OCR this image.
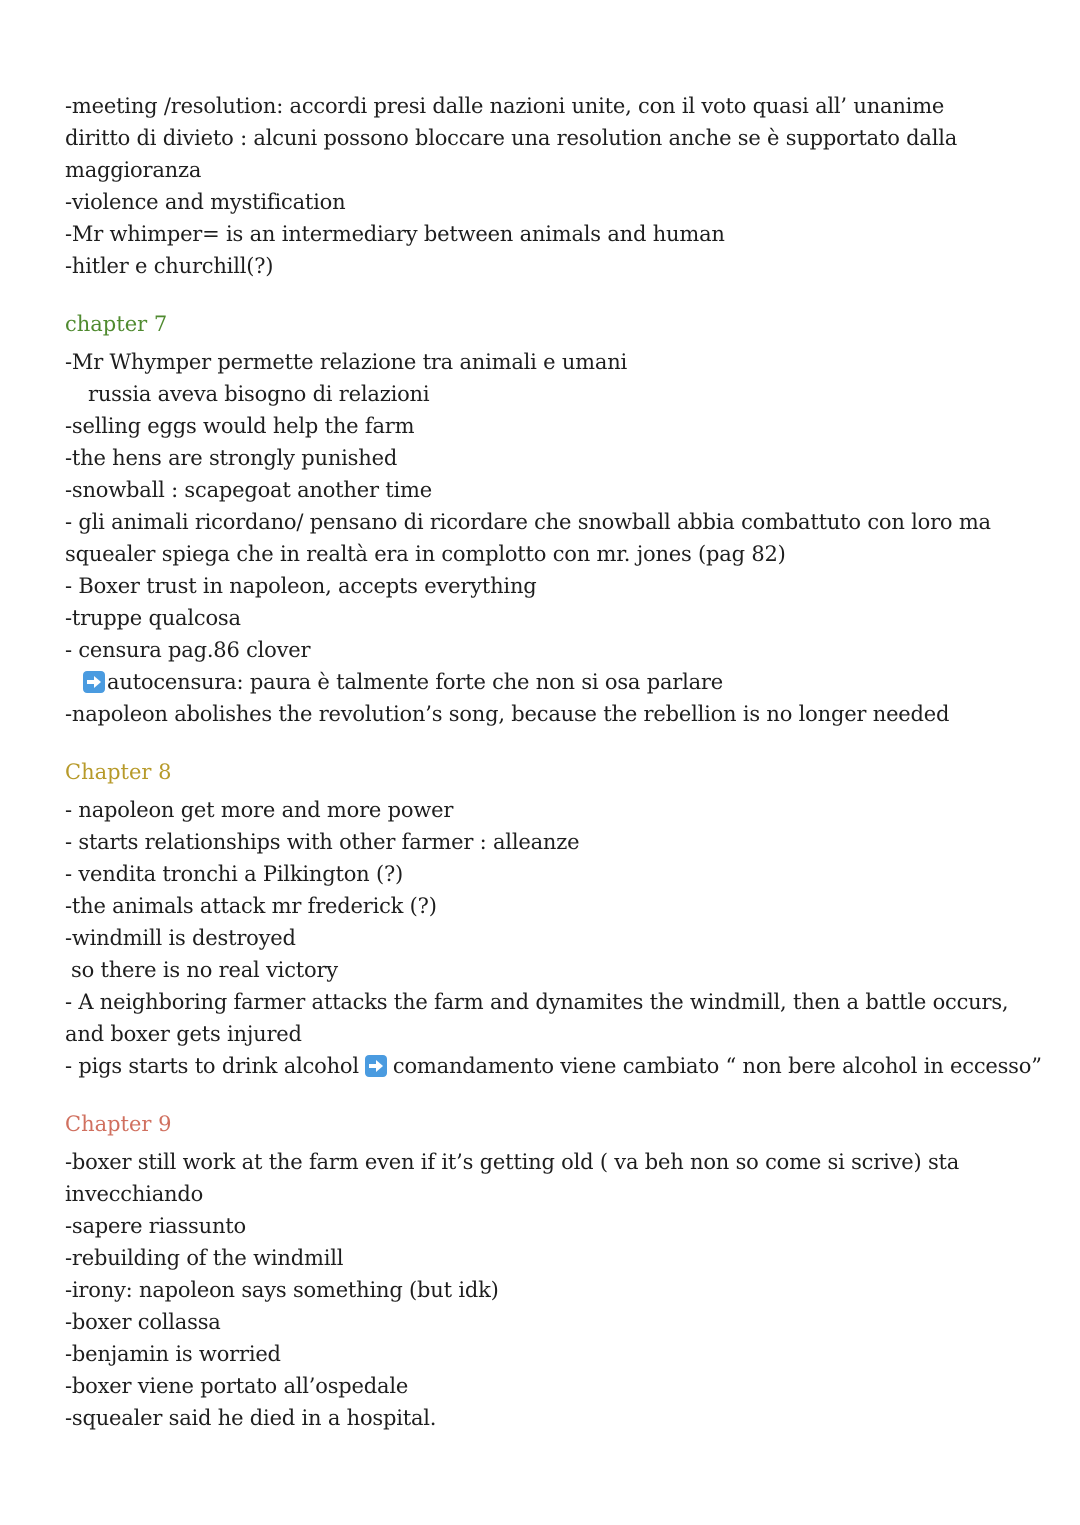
-meeting /resolution: accordi presi dalle nazioni unite, con il voto quasi all’ unanime
diritto di divieto : alcuni possono bloccare una resolution anche se è supportato dalla
maggioranza
-violence and mystification
-Mr whimper= is an intermediary between animals and human
-hitler e churchill(?)
chapter 7
-Mr Whymper permette relazione tra animali e umani
russia aveva bisogno di relazioni
-selling eggs would help the farm
-the hens are strongly punished
-snowball : scapegoat another time
- gli animali ricordano/ pensano di ricordare che snowball abbia combattuto con loro ma
squealer spiega che in realtà era in complotto con mr. jones (pag 82)
- Boxer trust in napoleon, accepts everything
-truppe qualcosa
- censura pag.86 clover
autocensura: paura è talmente forte che non si osa parlare
-napoleon abolishes the revolution’s song, because the rebellion is no longer needed
Chapter 8
- napoleon get more and more power
- starts relationships with other farmer : alleanze
- vendita tronchi a Pilkington (?)
-the animals attack mr frederick (?)
-windmill is destroyed
so there is no real victory
- A neighboring farmer attacks the farm and dynamites the windmill, then a battle occurs,
and boxer gets injured
- pigs starts to drink alcohol comandamento viene cambiato “ non bere alcohol in eccesso”
Chapter 9
-boxer still work at the farm even if it’s getting old ( va beh non so come si scrive) sta
invecchiando
-sapere riassunto
-rebuilding of the windmill
-irony: napoleon says something (but idk)
-boxer collassa
-benjamin is worried
-boxer viene portato all’ospedale
-squealer said he died in a hospital.
